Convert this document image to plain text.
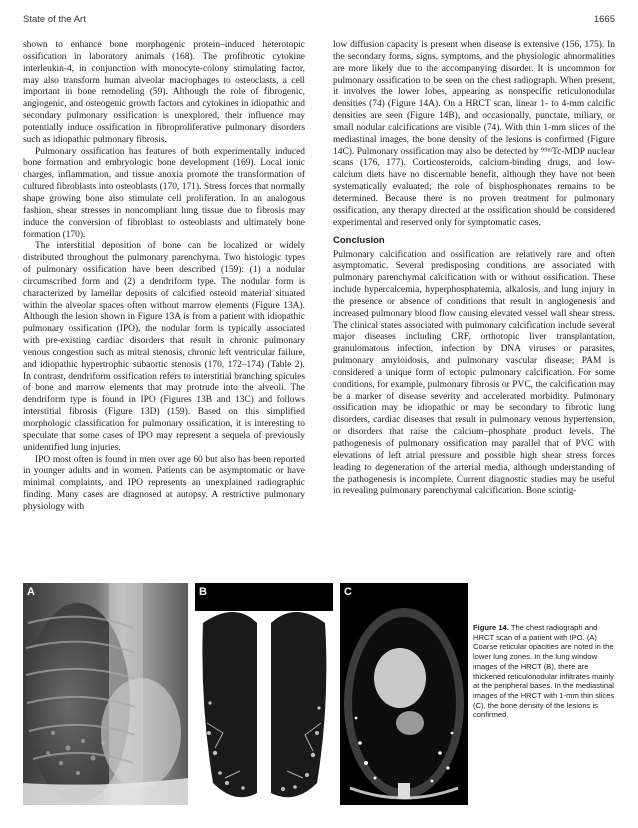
State of the Art	1665

shown to enhance bone morphogenic protein–induced heterotopic ossification in laboratory animals (168). The profibrotic cytokine interleukin-4, in conjunction with monocyte-colony stimulating factor, may also transform human alveolar macrophages to osteoclasts, a cell important in bone remodeling (59). Although the role of fibrogenic, angiogenic, and osteogenic growth factors and cytokines in idiopathic and secondary pulmonary ossification is unexplored, their influence may potentially induce ossification in fibroproliferative pulmonary disorders such as idiopathic pulmonary fibrosis.

Pulmonary ossification has features of both experimentally induced bone formation and embryologic bone development (169). Local ionic charges, inflammation, and tissue anoxia promote the transformation of cultured fibroblasts into osteoblasts (170, 171). Stress forces that normally shape growing bone also stimulate cell proliferation. In an analogous fashion, shear stresses in noncompliant lung tissue due to fibrosis may induce the conversion of fibroblast to osteoblasts and ultimately bone formation (170).

The interstitial deposition of bone can be localized or widely distributed throughout the pulmonary parenchyma. Two histologic types of pulmonary ossification have been described (159): (1) a nodular circumscribed form and (2) a dendriform type. The nodular form is characterized by lamellar deposits of calcified osteoid material situated within the alveolar spaces often without marrow elements (Figure 13A). Although the lesion shown in Figure 13A is from a patient with idiopathic pulmonary ossification (IPO), the nodular form is typically associated with pre-existing cardiac disorders that result in chronic pulmonary venous congestion such as mitral stenosis, chronic left ventricular failure, and idiopathic hypertrophic subaortic stenosis (170, 172–174) (Table 2). In contrast, dendriform ossification refers to interstitial branching spicules of bone and marrow elements that may protrude into the alveoli. The dendriform type is found in IPO (Figures 13B and 13C) and follows interstitial fibrosis (Figure 13D) (159). Based on this simplified morphologic classification for pulmonary ossification, it is interesting to speculate that some cases of IPO may represent a sequela of previously unidentified lung injuries.

IPO most often is found in men over age 60 but also has been reported in younger adults and in women. Patients can be asymptomatic or have minimal complaints, and IPO represents an unexplained radiographic finding. Many cases are diagnosed at autopsy. A restrictive pulmonary physiology with

low diffusion capacity is present when disease is extensive (156, 175). In the secondary forms, signs, symptoms, and the physiologic abnormalities are more likely due to the accompanying disorder. It is uncommon for pulmonary ossification to be seen on the chest radiograph. When present, it involves the lower lobes, appearing as nonspecific reticulonodular densities (74) (Figure 14A). On a HRCT scan, linear 1- to 4-mm calcific densities are seen (Figure 14B), and occasionally, punctate, miliary, or small nodular calcifications are visible (74). With thin 1-mm slices of the mediastinal images, the bone density of the lesions is confirmed (Figure 14C). Pulmonary ossification may also be detected by ⁹⁹ᵐTc-MDP nuclear scans (176, 177). Corticosteroids, calcium-binding drugs, and low-calcium diets have no discernable benefit, although they have not been systematically evaluated; the role of bisphosphonates remains to be determined. Because there is no proven treatment for pulmonary ossification, any therapy directed at the ossification should be considered experimental and reserved only for symptomatic cases.

Conclusion

Pulmonary calcification and ossification are relatively rare and often asymptomatic. Several predisposing conditions are associated with pulmonary parenchymal calcification with or without ossification. These include hypercalcemia, hyperphosphatemia, alkalosis, and lung injury in the presence or absence of conditions that result in angiogenesis and increased pulmonary blood flow causing elevated vessel wall shear stress. The clinical states associated with pulmonary calcification include several major diseases including CRF, orthotopic liver transplantation, granulomatous infection, infection by DNA viruses or parasites, pulmonary amyloidosis, and pulmonary vascular disease; PAM is considered a unique form of ectopic pulmonary calcification. For some conditions, for example, pulmonary fibrosis or PVC, the calcification may be a marker of disease severity and accelerated morbidity. Pulmonary ossification may be idiopathic or may be secondary to fibrotic lung disorders, cardiac diseases that result in pulmonary venous hypertension, or disorders that raise the calcium–phosphate product levels. The pathogenesis of pulmonary ossification may parallel that of PVC with elevations of left atrial pressure and possible high shear stress forces leading to degeneration of the arterial media, although understanding of the pathogenesis is incomplete. Current diagnostic studies may be useful in revealing pulmonary parenchymal calcification. Bone scintig-

A	B	C
Figure 14. The chest radiograph and HRCT scan of a patient with IPO. (A) Coarse reticular opacities are noted in the lower lung zones. In the lung window images of the HRCT (B), there are thickened reticulonodular infiltrates mainly at the peripheral bases. In the mediastinal images of the HRCT with 1-mm thin slices (C), the bone density of the lesions is confirmed.
